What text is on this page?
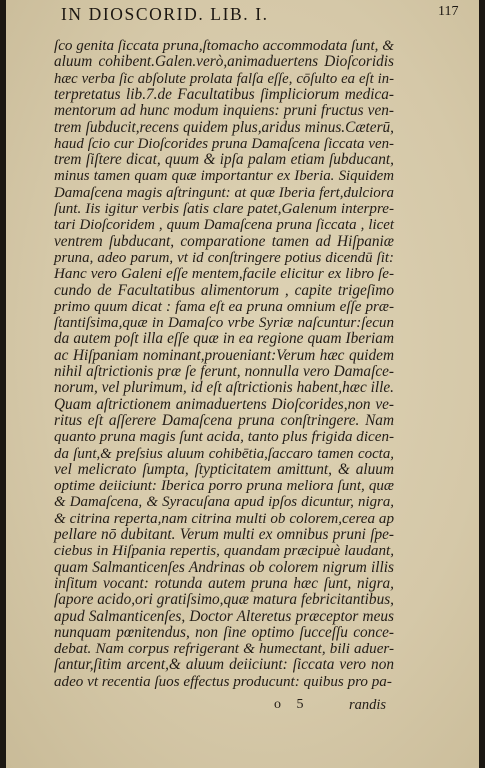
IN DIOSCORID. LIB. I.	117
ſco genita ſiccata pruna,ſtomacho accommodata ſunt, &
aluum cohibent.Galen.verò,animaduertens Dioſcoridis
hæc verba ſic abſolute prolata falſa eſſe, cōſulto ea eſt in-
terpretatus lib.7.de Facultatibus ſimpliciorum medica-
mentorum ad hunc modum inquiens: pruni fructus ven-
trem ſubducit,recens quidem plus,aridus minus.Cæterū,
haud ſcio cur Dioſcorides pruna Damaſcena ſiccata ven-
trem ſiſtere dicat, quum & ipſa palam etiam ſubducant,
minus tamen quam quæ importantur ex Iberia. Siquidem
Damaſcena magis aſtringunt: at quæ Iberia fert,dulciora
ſunt. Iis igitur verbis ſatis clare patet,Galenum interpre-
tari Dioſcoridem , quum Damaſcena pruna ſiccata , licet
ventrem ſubducant, comparatione tamen ad Hiſpaniæ
pruna, adeo parum, vt id conſtringere potius dicendū ſit:
Hanc vero Galeni eſſe mentem,facile elicitur ex libro ſe-
cundo de Facultatibus alimentorum , capite trigeſimo
primo quum dicat : fama eſt ea pruna omnium eſſe præ-
ſtantiſsima,quæ in Damaſco vrbe Syriæ naſcuntur:ſecun
da autem poſt illa eſſe quæ in ea regione quam Iberiam
ac Hiſpaniam nominant,proueniant:Verum hæc quidem
nihil aſtrictionis præ ſe ferunt, nonnulla vero Damaſce-
norum, vel plurimum, id eſt aſtrictionis habent,hæc ille.
Quam aſtrictionem animaduertens Dioſcorides,non ve-
ritus eſt aſſerere Damaſcena pruna conſtringere. Nam
quanto pruna magis ſunt acida, tanto plus frigida dicen-
da ſunt,& preſsius aluum cohibētia,ſaccaro tamen cocta,
vel melicrato ſumpta, ſtypticitatem amittunt, & aluum
optime deiiciunt: Iberica porro pruna meliora ſunt, quæ
& Damaſcena, & Syracuſana apud ipſos dicuntur, nigra,
& citrina reperta,nam citrina multi ob colorem,cerea ap
pellare nō dubitant. Verum multi ex omnibus pruni ſpe-
ciebus in Hiſpania repertis, quandam præcipuè laudant,
quam Salmanticenſes Andrinas ob colorem nigrum illis
inſitum vocant: rotunda autem pruna hæc ſunt, nigra,
ſapore acido,ori gratiſsimo,quæ matura febricitantibus,
apud Salmanticenſes, Doctor Alteretus præceptor meus
nunquam pœnitendus, non ſine optimo ſucceſſu conce-
debat. Nam corpus refrigerant & humectant, bili aduer-
ſantur,ſitim arcent,& aluum deiiciunt: ſiccata vero non
adeo vt recentia ſuos effectus producunt: quibus pro pa-
o 5	randis
